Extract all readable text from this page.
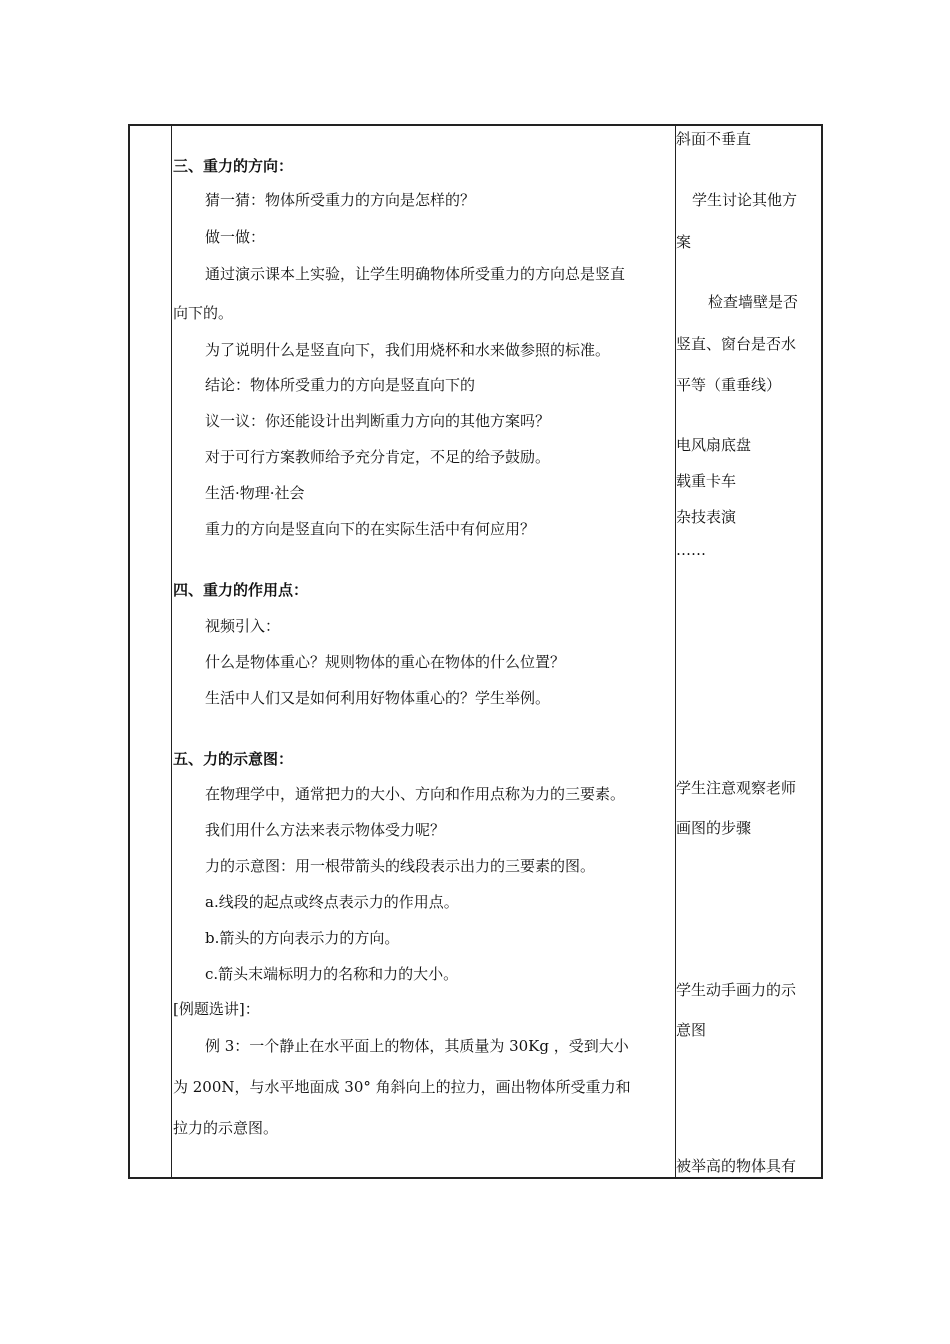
三、重力的方向：
猜一猜：物体所受重力的方向是怎样的？
做一做：
通过演示课本上实验，让学生明确物体所受重力的方向总是竖直
向下的。
为了说明什么是竖直向下，我们用烧杯和水来做参照的标准。
结论：物体所受重力的方向是竖直向下的
议一议：你还能设计出判断重力方向的其他方案吗？
对于可行方案教师给予充分肯定，不足的给予鼓励。
生活·物理·社会
重力的方向是竖直向下的在实际生活中有何应用？
四、重力的作用点：
视频引入：
什么是物体重心？规则物体的重心在物体的什么位置？
生活中人们又是如何利用好物体重心的？学生举例。
五、力的示意图：
在物理学中，通常把力的大小、方向和作用点称为力的三要素。
我们用什么方法来表示物体受力呢？
力的示意图：用一根带箭头的线段表示出力的三要素的图。
a.线段的起点或终点表示力的作用点。
b.箭头的方向表示力的方向。
c.箭头末端标明力的名称和力的大小。
[例题选讲]：
例 3：一个静止在水平面上的物体，其质量为 30Kg ，受到大小
为 200N，与水平地面成 30° 角斜向上的拉力，画出物体所受重力和
拉力的示意图。
斜面不垂直
学生讨论其他方
案
检查墙壁是否
竖直、窗台是否水
平等（重垂线）
电风扇底盘
载重卡车
杂技表演
……
学生注意观察老师
画图的步骤
学生动手画力的示
意图
被举高的物体具有
